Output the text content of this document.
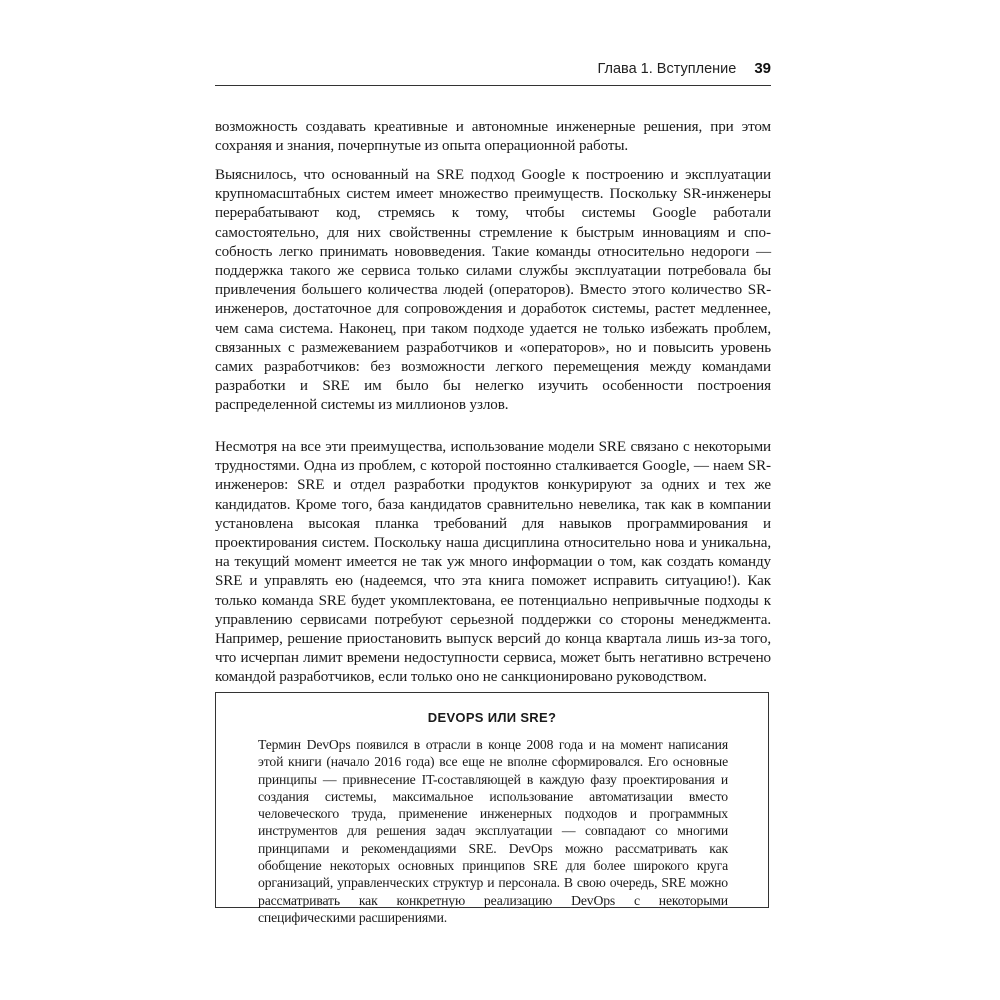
Глава 1. Вступление 39

возможность создавать креативные и автономные инженерные решения, при этом сохраняя и знания, почерпнутые из опыта операционной работы.

Выяснилось, что основанный на SRE подход Google к построению и эксплуатации крупномасштабных систем имеет множество преимуществ. Поскольку SR-инженеры перерабатывают код, стремясь к тому, чтобы системы Google работали самостоятельно, для них свойственны стремление к быстрым инновациям и способность легко принимать нововведения. Такие команды относительно недороги — поддержка такого же сервиса только силами службы эксплуатации потребовала бы привлечения большего количества людей (операторов). Вместо этого количество SR-инженеров, достаточное для сопровождения и доработок системы, растет медленнее, чем сама система. Наконец, при таком подходе удается не только избежать проблем, связанных с размежеванием разработчиков и «операторов», но и повысить уровень самих разработчиков: без возможности легкого перемещения между командами разработки и SRE им было бы нелегко изучить особенности построения распределенной системы из миллионов узлов.

Несмотря на все эти преимущества, использование модели SRE связано с некоторыми трудностями. Одна из проблем, с которой постоянно сталкивается Google, — наем SR-инженеров: SRE и отдел разработки продуктов конкурируют за одних и тех же кандидатов. Кроме того, база кандидатов сравнительно невелика, так как в компании установлена высокая планка требований для навыков программирования и проектирования систем. Поскольку наша дисциплина относительно нова и уникальна, на текущий момент имеется не так уж много информации о том, как создать команду SRE и управлять ею (надеемся, что эта книга поможет исправить ситуацию!). Как только команда SRE будет укомплектована, ее потенциально непривычные подходы к управлению сервисами потребуют серьезной поддержки со стороны менеджмента. Например, решение приостановить выпуск версий до конца квартала лишь из-за того, что исчерпан лимит времени недоступности сервиса, может быть негативно встречено командой разработчиков, если только оно не санкционировано руководством.

DEVOPS ИЛИ SRE?

Термин DevOps появился в отрасли в конце 2008 года и на момент написания этой книги (начало 2016 года) все еще не вполне сформировался. Его основные принципы — привнесение IT-составляющей в каждую фазу проектирования и создания системы, максимальное использование автоматизации вместо человеческого труда, применение инженерных подходов и программных инструментов для решения задач эксплуатации — совпадают со многими принципами и рекомендациями SRE. DevOps можно рассматривать как обобщение некоторых основных принципов SRE для более широкого круга организаций, управленческих структур и персонала. В свою очередь, SRE можно рассматривать как конкретную реализацию DevOps с некоторыми специфическими расширениями.
